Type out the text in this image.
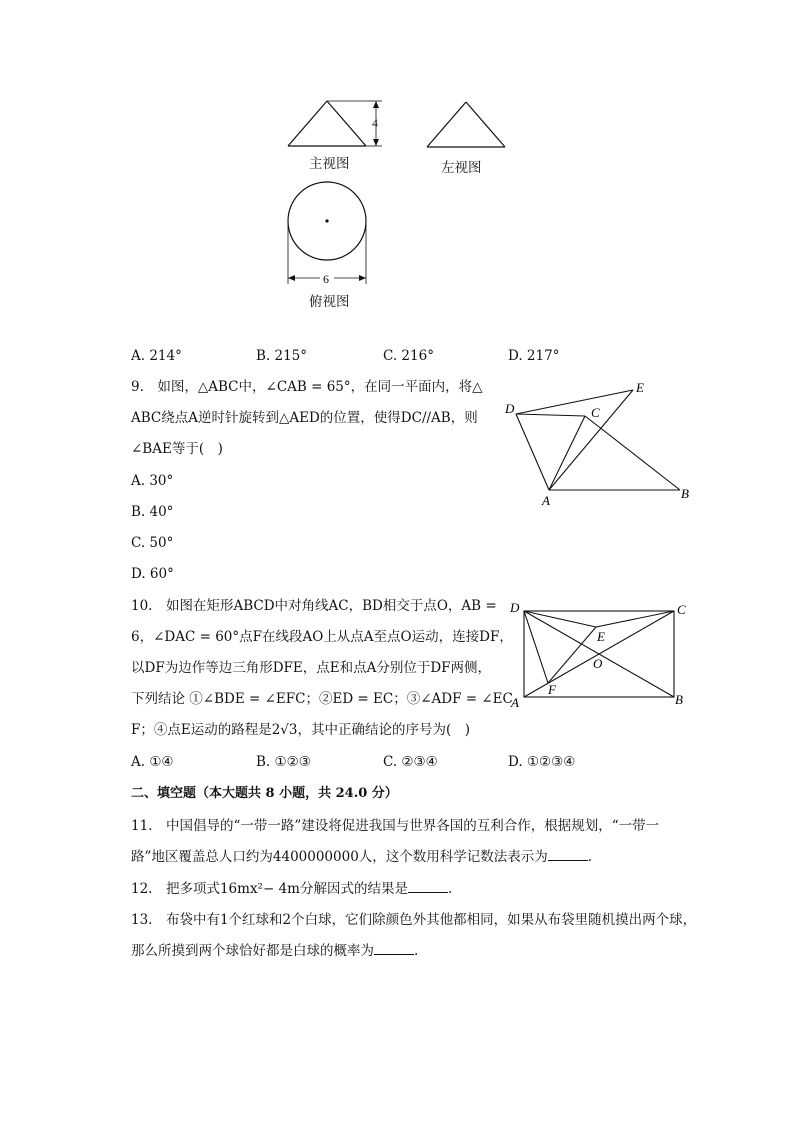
4
6
主视图	左视图
俯视图
A. 214°	B. 215°	C. 216°	D. 217°
9.　如图，△ABC中，∠CAB = 65°，在同一平面内，将△
ABC绕点A逆时针旋转到△AED的位置，使得DC//AB，则
∠BAE等于(　)
A. 30°
B. 40°
C. 50°
D. 60°
D	C
E
A	B
10.　如图在矩形ABCD中对角线AC，BD相交于点O，AB =
6，∠DAC = 60°点F在线段AO上从点A至点O运动，连接DF，
以DF为边作等边三角形DFE，点E和点A分别位于DF两侧，
下列结论 ①∠BDE = ∠EFC；②ED = EC；③∠ADF = ∠EC
F；④点E运动的路程是2√3，其中正确结论的序号为(　)
A. ①④	B. ①②③	C. ②③④	D. ①②③④
D	C
E
O
F
A	B
二、填空题（本大题共 8 小题，共 24.0 分）
11.　中国倡导的“一带一路”建设将促进我国与世界各国的互利合作，根据规划，“一带一
路”地区覆盖总人口约为4400000000人，这个数用科学记数法表示为	.
12.　把多项式16mx²− 4m分解因式的结果是	.
13.　布袋中有1个红球和2个白球，它们除颜色外其他都相同，如果从布袋里随机摸出两个球，
那么所摸到两个球恰好都是白球的概率为	.
